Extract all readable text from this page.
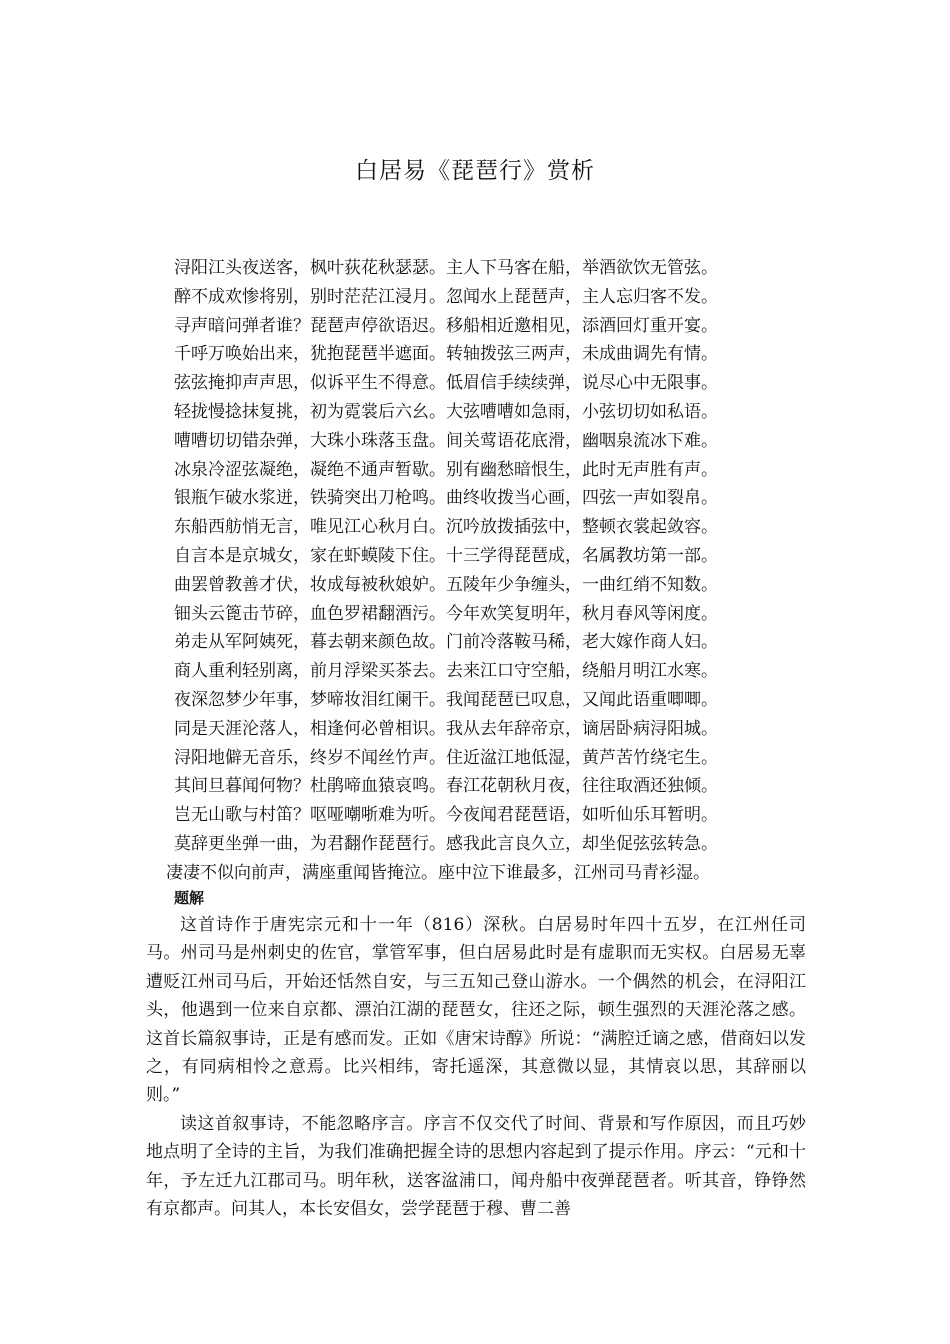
白居易《琵琶行》赏析
浔阳江头夜送客，枫叶荻花秋瑟瑟。主人下马客在船，举酒欲饮无管弦。
醉不成欢惨将别，别时茫茫江浸月。忽闻水上琵琶声，主人忘归客不发。
寻声暗问弹者谁？琵琶声停欲语迟。移船相近邀相见，添酒回灯重开宴。
千呼万唤始出来，犹抱琵琶半遮面。转轴拨弦三两声，未成曲调先有情。
弦弦掩抑声声思，似诉平生不得意。低眉信手续续弹，说尽心中无限事。
轻拢慢捻抹复挑，初为霓裳后六幺。大弦嘈嘈如急雨，小弦切切如私语。
嘈嘈切切错杂弹，大珠小珠落玉盘。间关莺语花底滑，幽咽泉流冰下难。
冰泉冷涩弦凝绝，凝绝不通声暂歇。别有幽愁暗恨生，此时无声胜有声。
银瓶乍破水浆迸，铁骑突出刀枪鸣。曲终收拨当心画，四弦一声如裂帛。
东船西舫悄无言，唯见江心秋月白。沉吟放拨插弦中，整顿衣裳起敛容。
自言本是京城女，家在虾蟆陵下住。十三学得琵琶成，名属教坊第一部。
曲罢曾教善才伏，妆成每被秋娘妒。五陵年少争缠头，一曲红绡不知数。
钿头云篦击节碎，血色罗裙翻酒污。今年欢笑复明年，秋月春风等闲度。
弟走从军阿姨死，暮去朝来颜色故。门前冷落鞍马稀，老大嫁作商人妇。
商人重利轻别离，前月浮梁买茶去。去来江口守空船，绕船月明江水寒。
夜深忽梦少年事，梦啼妆泪红阑干。我闻琵琶已叹息，又闻此语重唧唧。
同是天涯沦落人，相逢何必曾相识。我从去年辞帝京，谪居卧病浔阳城。
浔阳地僻无音乐，终岁不闻丝竹声。住近湓江地低湿，黄芦苦竹绕宅生。
其间旦暮闻何物？杜鹃啼血猿哀鸣。春江花朝秋月夜，往往取酒还独倾。
岂无山歌与村笛？呕哑嘲哳难为听。今夜闻君琵琶语，如听仙乐耳暂明。
莫辞更坐弹一曲，为君翻作琵琶行。感我此言良久立，却坐促弦弦转急。
凄凄不似向前声，满座重闻皆掩泣。座中泣下谁最多，江州司马青衫湿。
题解

这首诗作于唐宪宗元和十一年（816）深秋。白居易时年四十五岁，在江州任司马。州司马是州刺史的佐官，掌管军事，但白居易此时是有虚职而无实权。白居易无辜遭贬江州司马后，开始还恬然自安，与三五知己登山游水。一个偶然的机会，在浔阳江头，他遇到一位来自京都、漂泊江湖的琵琶女，往还之际，顿生强烈的天涯沦落之感。这首长篇叙事诗，正是有感而发。正如《唐宋诗醇》所说：“满腔迁谪之感，借商妇以发之，有同病相怜之意焉。比兴相纬，寄托遥深，其意微以显，其情哀以思，其辞丽以则。”

读这首叙事诗，不能忽略序言。序言不仅交代了时间、背景和写作原因，而且巧妙地点明了全诗的主旨，为我们准确把握全诗的思想内容起到了提示作用。序云：“元和十年，予左迁九江郡司马。明年秋，送客湓浦口，闻舟船中夜弹琵琶者。听其音，铮铮然有京都声。问其人，本长安倡女，尝学琵琶于穆、曹二善
